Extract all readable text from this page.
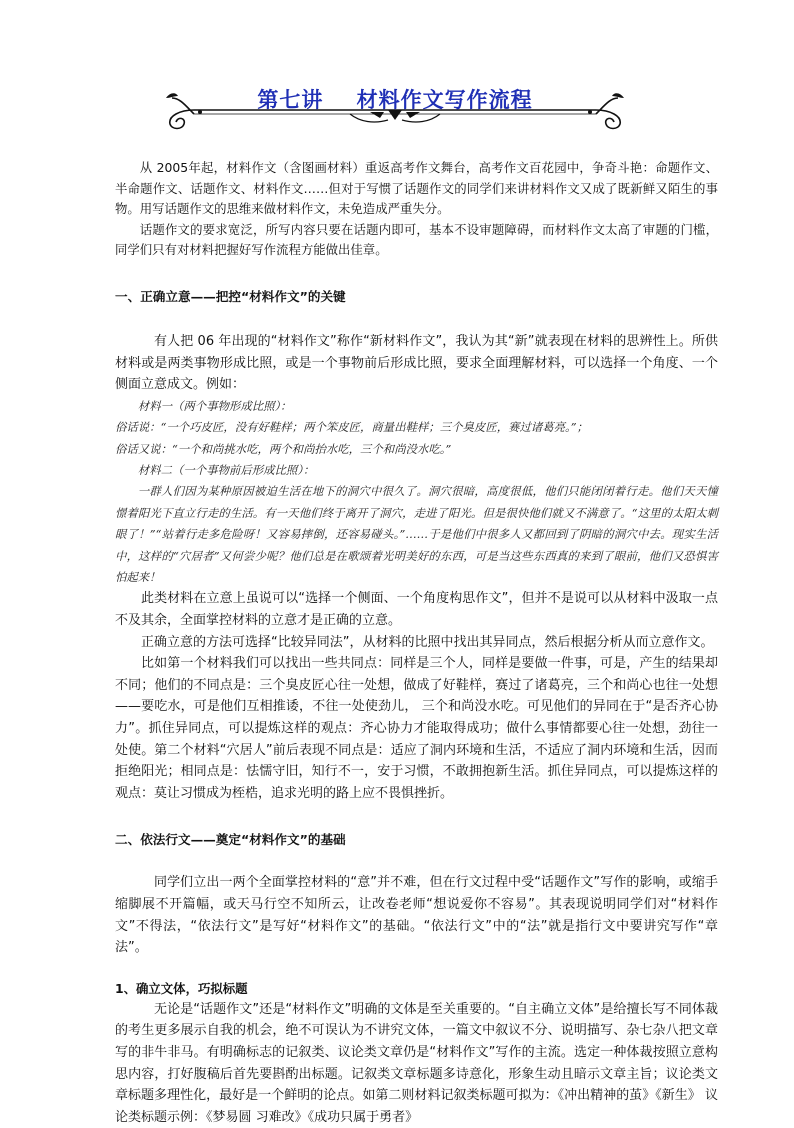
第七讲    材料作文写作流程

从 2005年起，材料作文（含图画材料）重返高考作文舞台，高考作文百花园中，争奇斗艳：命题作文、半命题作文、话题作文、材料作文……但对于写惯了话题作文的同学们来讲材料作文又成了既新鲜又陌生的事物。用写话题作文的思维来做材料作文，未免造成严重失分。

话题作文的要求宽泛，所写内容只要在话题内即可，基本不设审题障碍，而材料作文太高了审题的门槛，同学们只有对材料把握好写作流程方能做出佳章。

一、正确立意——把控“材料作文”的关键

有人把 06 年出现的“材料作文”称作“新材料作文”，我认为其“新”就表现在材料的思辨性上。所供材料或是两类事物形成比照，或是一个事物前后形成比照，要求全面理解材料，可以选择一个角度、一个侧面立意成文。例如：

材料一（两个事物形成比照）：

俗话说：“一个巧皮匠，没有好鞋样；两个笨皮匠，商量出鞋样；三个臭皮匠，赛过诸葛亮。”；

俗话又说：“一个和尚挑水吃，两个和尚抬水吃，三个和尚没水吃。”

材料二（一个事物前后形成比照）：

一群人们因为某种原因被迫生活在地下的洞穴中很久了。洞穴很暗，高度很低，他们只能闭闭着行走。他们天天憧憬着阳光下直立行走的生活。有一天他们终于离开了洞穴，走进了阳光。但是很快他们就又不满意了。“这里的太阳太刺眼了！”“站着行走多危险呀！又容易摔倒，还容易碰头。”……于是他们中很多人又都回到了阴暗的洞穴中去。现实生活中，这样的“穴居者”又何尝少呢？他们总是在歌颂着光明美好的东西，可是当这些东西真的来到了眼前，他们又恐惧害怕起来！

此类材料在立意上虽说可以“选择一个侧面、一个角度构思作文”，但并不是说可以从材料中汲取一点不及其余，全面掌控材料的立意才是正确的立意。

正确立意的方法可选择“比较异同法”，从材料的比照中找出其异同点，然后根据分析从而立意作文。

比如第一个材料我们可以找出一些共同点：同样是三个人，同样是要做一件事，可是，产生的结果却不同；他们的不同点是：三个臭皮匠心往一处想，做成了好鞋样，赛过了诸葛亮，三个和尚心也往一处想——要吃水，可是他们互相推诿，不往一处使劲儿， 三个和尚没水吃。可见他们的异同在于“是否齐心协力”。抓住异同点，可以提炼这样的观点：齐心协力才能取得成功；做什么事情都要心往一处想，劲往一处使。第二个材料“穴居人”前后表现不同点是：适应了洞内环境和生活，不适应了洞内环境和生活，因而拒绝阳光；相同点是：怯懦守旧，知行不一，安于习惯，不敢拥抱新生活。抓住异同点，可以提炼这样的观点：莫让习惯成为桎梏，追求光明的路上应不畏惧挫折。

二、依法行文——奠定“材料作文”的基础

同学们立出一两个全面掌控材料的“意”并不难，但在行文过程中受“话题作文”写作的影响，或缩手缩脚展不开篇幅，或天马行空不知所云，让改卷老师“想说爱你不容易”。其表现说明同学们对“材料作文”不得法，“依法行文”是写好“材料作文”的基础。“依法行文”中的“法”就是指行文中要讲究写作“章法”。

1、确立文体，巧拟标题

无论是“话题作文”还是“材料作文”明确的文体是至关重要的。“自主确立文体”是给擅长写不同体裁的考生更多展示自我的机会，绝不可误认为不讲究文体，一篇文中叙议不分、说明描写、杂七杂八把文章写的非牛非马。有明确标志的记叙类、议论类文章仍是“材料作文”写作的主流。选定一种体裁按照立意构思内容，打好腹稿后首先要斟酌出标题。记叙类文章标题多诗意化，形象生动且暗示文章主旨；议论类文章标题多理性化，最好是一个鲜明的论点。如第二则材料记叙类标题可拟为：《冲出精神的茧》《新生》 议论类标题示例：《梦易圆 习难改》《成功只属于勇者》
